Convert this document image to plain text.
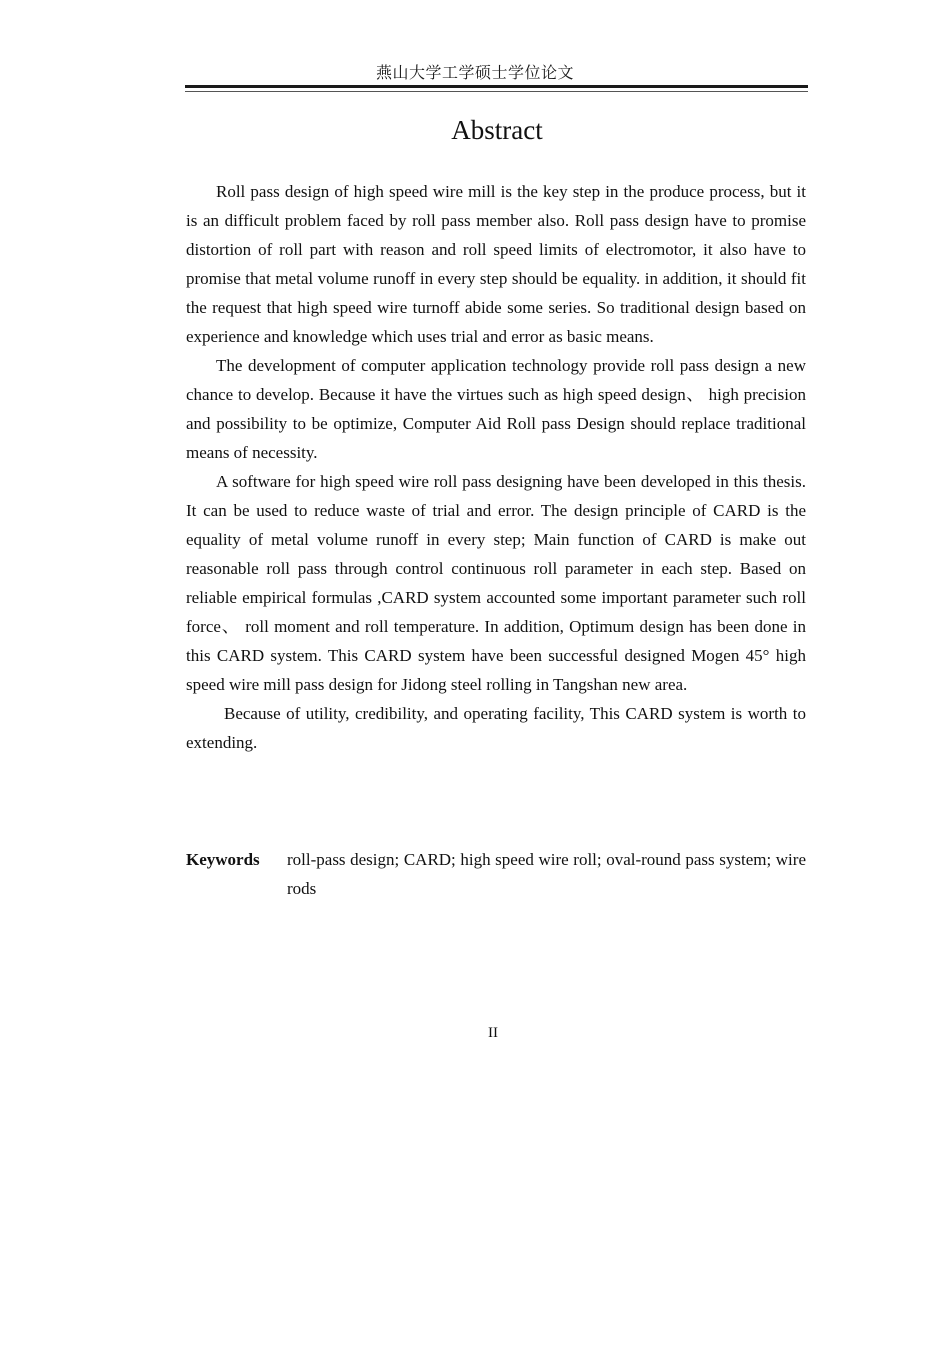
燕山大学工学硕士学位论文
Abstract

Roll pass design of high speed wire mill is the key step in the produce process, but it is an difficult problem faced by roll pass member also. Roll pass design have to promise distortion of roll part with reason and roll speed limits of electromotor, it also have to promise that metal volume runoff in every step should be equality. in addition, it should fit the request that high speed wire turnoff abide some series. So traditional design based on experience and knowledge which uses trial and error as basic means.

The development of computer application technology provide roll pass design a new chance to develop. Because it have the virtues such as high speed design、 high precision and possibility to be optimize, Computer Aid Roll pass Design should replace traditional means of necessity.

A software for high speed wire roll pass designing have been developed in this thesis. It can be used to reduce waste of trial and error. The design principle of CARD is the equality of metal volume runoff in every step; Main function of CARD is make out reasonable roll pass through control continuous roll parameter in each step. Based on reliable empirical formulas ,CARD system accounted some important parameter such roll force、 roll moment and roll temperature. In addition, Optimum design has been done in this CARD system. This CARD system have been successful designed Mogen 45° high speed wire mill pass design for Jidong steel rolling in Tangshan new area.

Because of utility, credibility, and operating facility, This CARD system is worth to extending.

Keywords	roll-pass design; CARD; high speed wire roll; oval-round pass system; wire rods
II
